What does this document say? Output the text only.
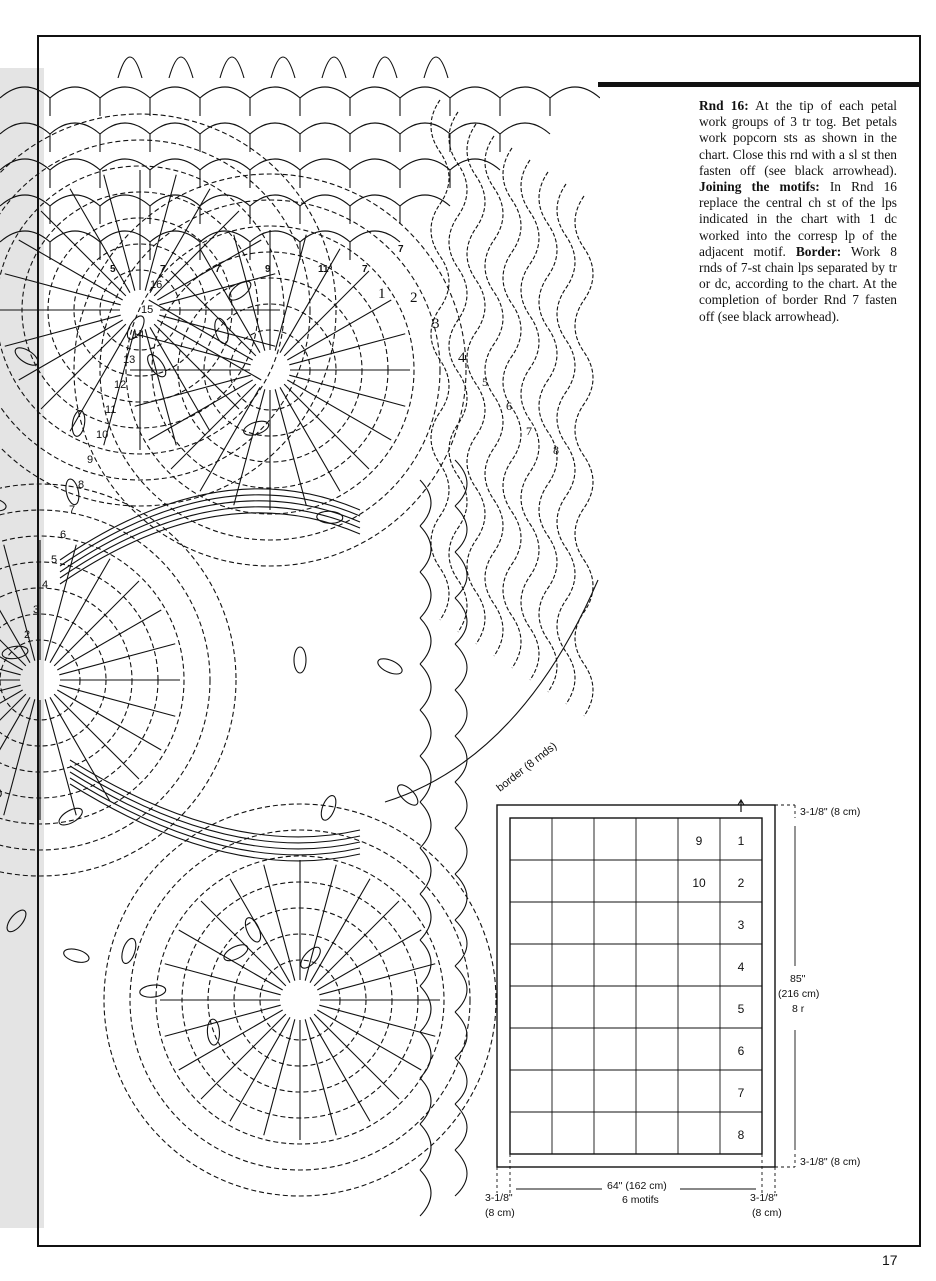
border (8 rnds)
1 2
3
4
5
6
7
8
16
15
14
13
12
11
10
9
8
7
6
5
4
3
2
5	7	7	9	11	7
7
Rnd 16: At the tip of each petal work groups of 3 tr tog. Bet petals work popcorn sts as shown in the chart. Close this rnd with a sl st then fasten off (see black arrowhead). Joining the motifs: In Rnd 16 replace the central ch st of the lps indicated in the chart with 1 dc worked into the corresp lp of the adjacent motif. Border: Work 8 rnds of 7-st chain lps separated by tr or dc, according to the chart. At the completion of border Rnd 7 fasten off (see black arrowhead).
1
2
3
4
5
6
7
8
9
10
3-1/8" (8 cm)
3-1/8" (8 cm)
85"
(216 cm)
8 r
64" (162 cm)
6 motifs
3-1/8"
(8 cm)
3-1/8"
(8 cm)
17
